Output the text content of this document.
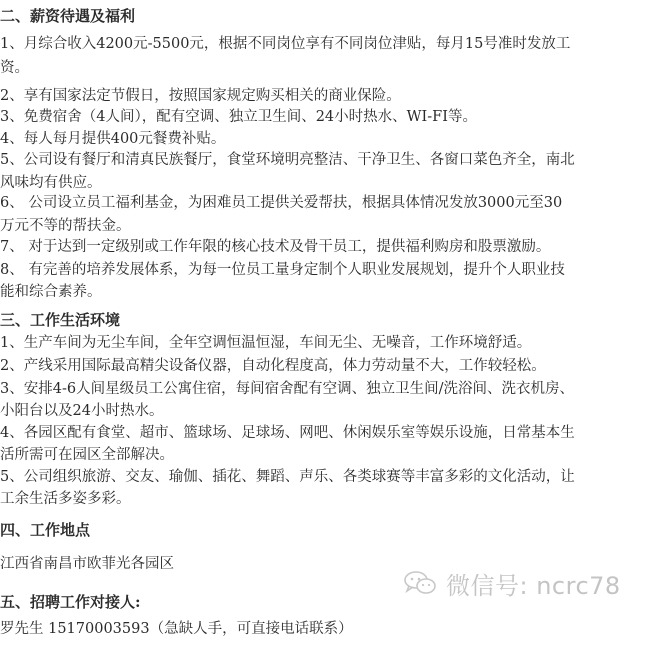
二、薪资待遇及福利
1、月综合收入4200元-5500元，根据不同岗位享有不同岗位津贴，每月15号准时发放工
资。
2、享有国家法定节假日，按照国家规定购买相关的商业保险。
3、免费宿舍（4人间），配有空调、独立卫生间、24小时热水、WI-FI等。
4、每人每月提供400元餐费补贴。
5、公司设有餐厅和清真民族餐厅，食堂环境明亮整洁、干净卫生、各窗口菜色齐全，南北
风味均有供应。
6、 公司设立员工福利基金，为困难员工提供关爱帮扶，根据具体情况发放3000元至30
万元不等的帮扶金。
7、 对于达到一定级别或工作年限的核心技术及骨干员工，提供福利购房和股票激励。
8、 有完善的培养发展体系，为每一位员工量身定制个人职业发展规划，提升个人职业技
能和综合素养。
三、工作生活环境
1、生产车间为无尘车间，全年空调恒温恒湿，车间无尘、无噪音，工作环境舒适。
2、产线采用国际最高精尖设备仪器，自动化程度高，体力劳动量不大，工作较轻松。
3、安排4-6人间星级员工公寓住宿，每间宿舍配有空调、独立卫生间/洗浴间、洗衣机房、
小阳台以及24小时热水。
4、各园区配有食堂、超市、篮球场、足球场、网吧、休闲娱乐室等娱乐设施，日常基本生
活所需可在园区全部解决。
5、公司组织旅游、交友、瑜伽、插花、舞蹈、声乐、各类球赛等丰富多彩的文化活动，让
工余生活多姿多彩。
四、工作地点
江西省南昌市欧菲光各园区
五、招聘工作对接人:
罗先生 15170003593（急缺人手，可直接电话联系）
微信号: ncrc78
